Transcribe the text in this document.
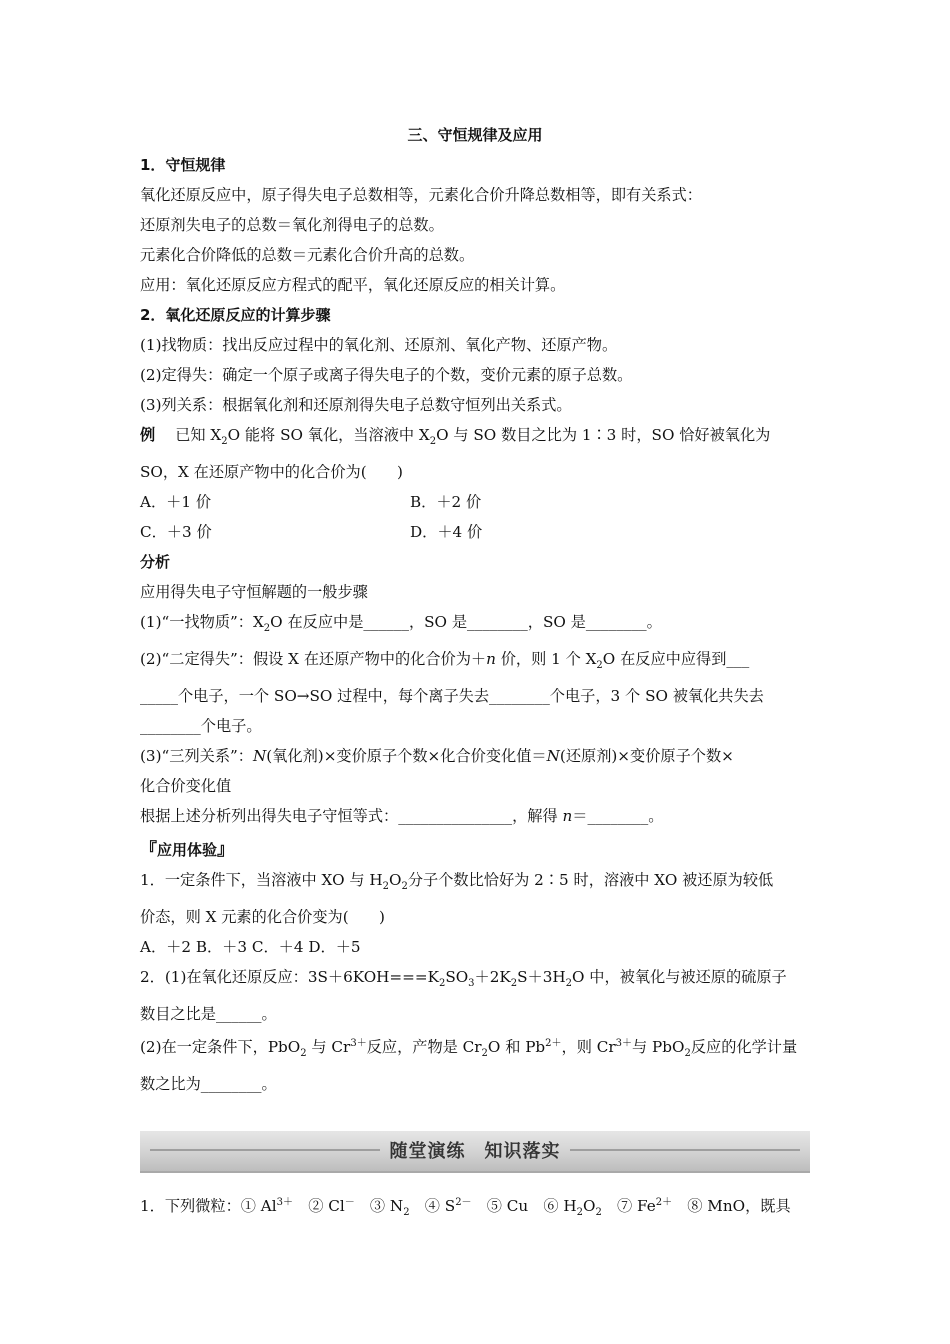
三、守恒规律及应用
1．守恒规律
氧化还原反应中，原子得失电子总数相等，元素化合价升降总数相等，即有关系式：
还原剂失电子的总数＝氧化剂得电子的总数。
元素化合价降低的总数＝元素化合价升高的总数。
应用：氧化还原反应方程式的配平，氧化还原反应的相关计算。
2．氧化还原反应的计算步骤
(1)找物质：找出反应过程中的氧化剂、还原剂、氧化产物、还原产物。
(2)定得失：确定一个原子或离子得失电子的个数，变价元素的原子总数。
(3)列关系：根据氧化剂和还原剂得失电子总数守恒列出关系式。
例　 已知 $X_2O$ 能将 SO 氧化，当溶液中 $X_2O$ 与 SO 数目之比为 1∶3 时，SO 恰好被氧化为
SO，X 在还原产物中的化合价为(　　)
A．＋1 价	B．＋2 价
C．＋3 价	D．＋4 价
分析
应用得失电子守恒解题的一般步骤
(1)“一找物质”：$X_2O$ 在反应中是______，SO 是________，SO 是________。
(2)“二定得失”：假设 X 在还原产物中的化合价为＋n 价，则 1 个 $X_2O$ 在反应中应得到___
_____个电子，一个 SO→SO 过程中，每个离子失去________个电子，3 个 SO 被氧化共失去
________个电子。
(3)“三列关系”：N(氧化剂)×变价原子个数×化合价变化值＝N(还原剂)×变价原子个数×
化合价变化值
根据上述分析列出得失电子守恒等式：_______________，解得 n＝________。
『应用体验』
1．一定条件下，当溶液中 XO 与 $H_2O_2$分子个数比恰好为 2∶5 时，溶液中 XO 被还原为较低
价态，则 X 元素的化合价变为(　　)
A．＋2 B．＋3 C．＋4 D．＋5
2．(1)在氧化还原反应：$3S+6KOH===K_2SO_3+2K_2S+3H_2O$ 中，被氧化与被还原的硫原子
数目之比是______。
(2)在一定条件下，PbO$_2$ 与 $Cr^{3+}$反应，产物是 $Cr_2O$ 和 $Pb^{2+}$，则 $Cr^{3+}$与 PbO$_2$反应的化学计量
数之比为________。
随堂演练　知识落实
1．下列微粒：① $Al^{3+}$　② Cl－　③ $N_2$　④ $S^{2-}$　⑤ Cu　⑥ $H_2O_2$　⑦ $Fe^{2+}$　⑧ MnO，既具
